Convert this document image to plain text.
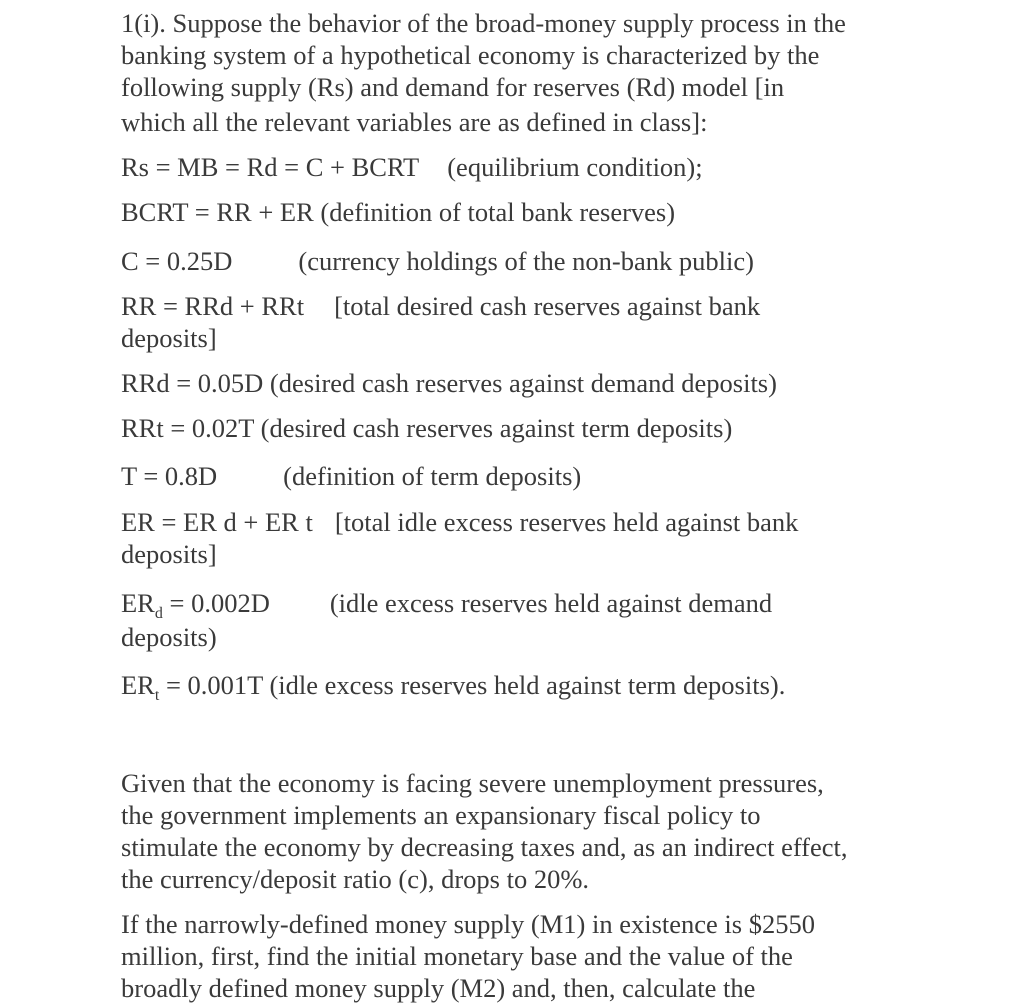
1(i). Suppose the behavior of the broad-money supply process in the
banking system of a hypothetical economy is characterized by the
following supply (Rs) and demand for reserves (Rd) model [in
which all the relevant variables are as defined in class]:
Rs = MB = Rd = C + BCRT (equilibrium condition);
BCRT = RR + ER (definition of total bank reserves)
C = 0.25D (currency holdings of the non-bank public)
RR = RRd + RRt [total desired cash reserves against bank
deposits]
RRd = 0.05D (desired cash reserves against demand deposits)
RRt = 0.02T (desired cash reserves against term deposits)
T = 0.8D (definition of term deposits)
ER = ER d + ER t [total idle excess reserves held against bank
deposits]
$ER_d = 0.002D$ (idle excess reserves held against demand
deposits)
$ER_t = 0.001T$ (idle excess reserves held against term deposits).
Given that the economy is facing severe unemployment pressures,
the government implements an expansionary fiscal policy to
stimulate the economy by decreasing taxes and, as an indirect effect,
the currency/deposit ratio (c), drops to 20%.
If the narrowly-defined money supply (M1) in existence is $2550
million, first, find the initial monetary base and the value of the
broadly defined money supply (M2) and, then, calculate the
